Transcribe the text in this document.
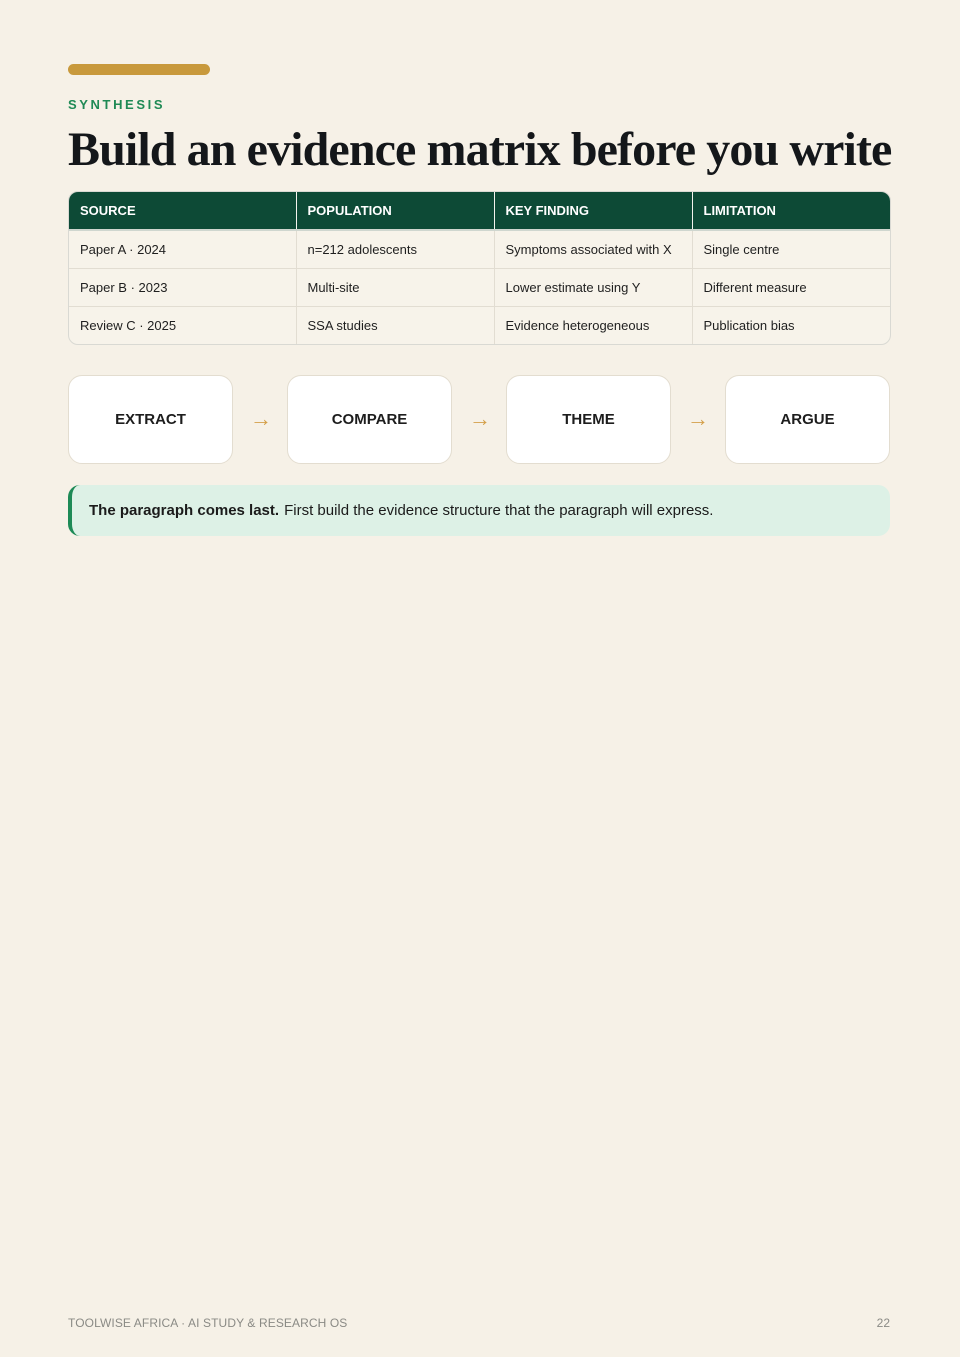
SYNTHESIS
Build an evidence matrix before you write
SOURCE	POPULATION	KEY FINDING	LIMITATION
Paper A · 2024	n=212 adolescents	Symptoms associated with X	Single centre
Paper B · 2023	Multi-site	Lower estimate using Y	Different measure
Review C · 2025	SSA studies	Evidence heterogeneous	Publication bias
EXTRACT	→	COMPARE	→	THEME	→	ARGUE
The paragraph comes last. First build the evidence structure that the paragraph will express.
TOOLWISE AFRICA · AI STUDY & RESEARCH OS	22
